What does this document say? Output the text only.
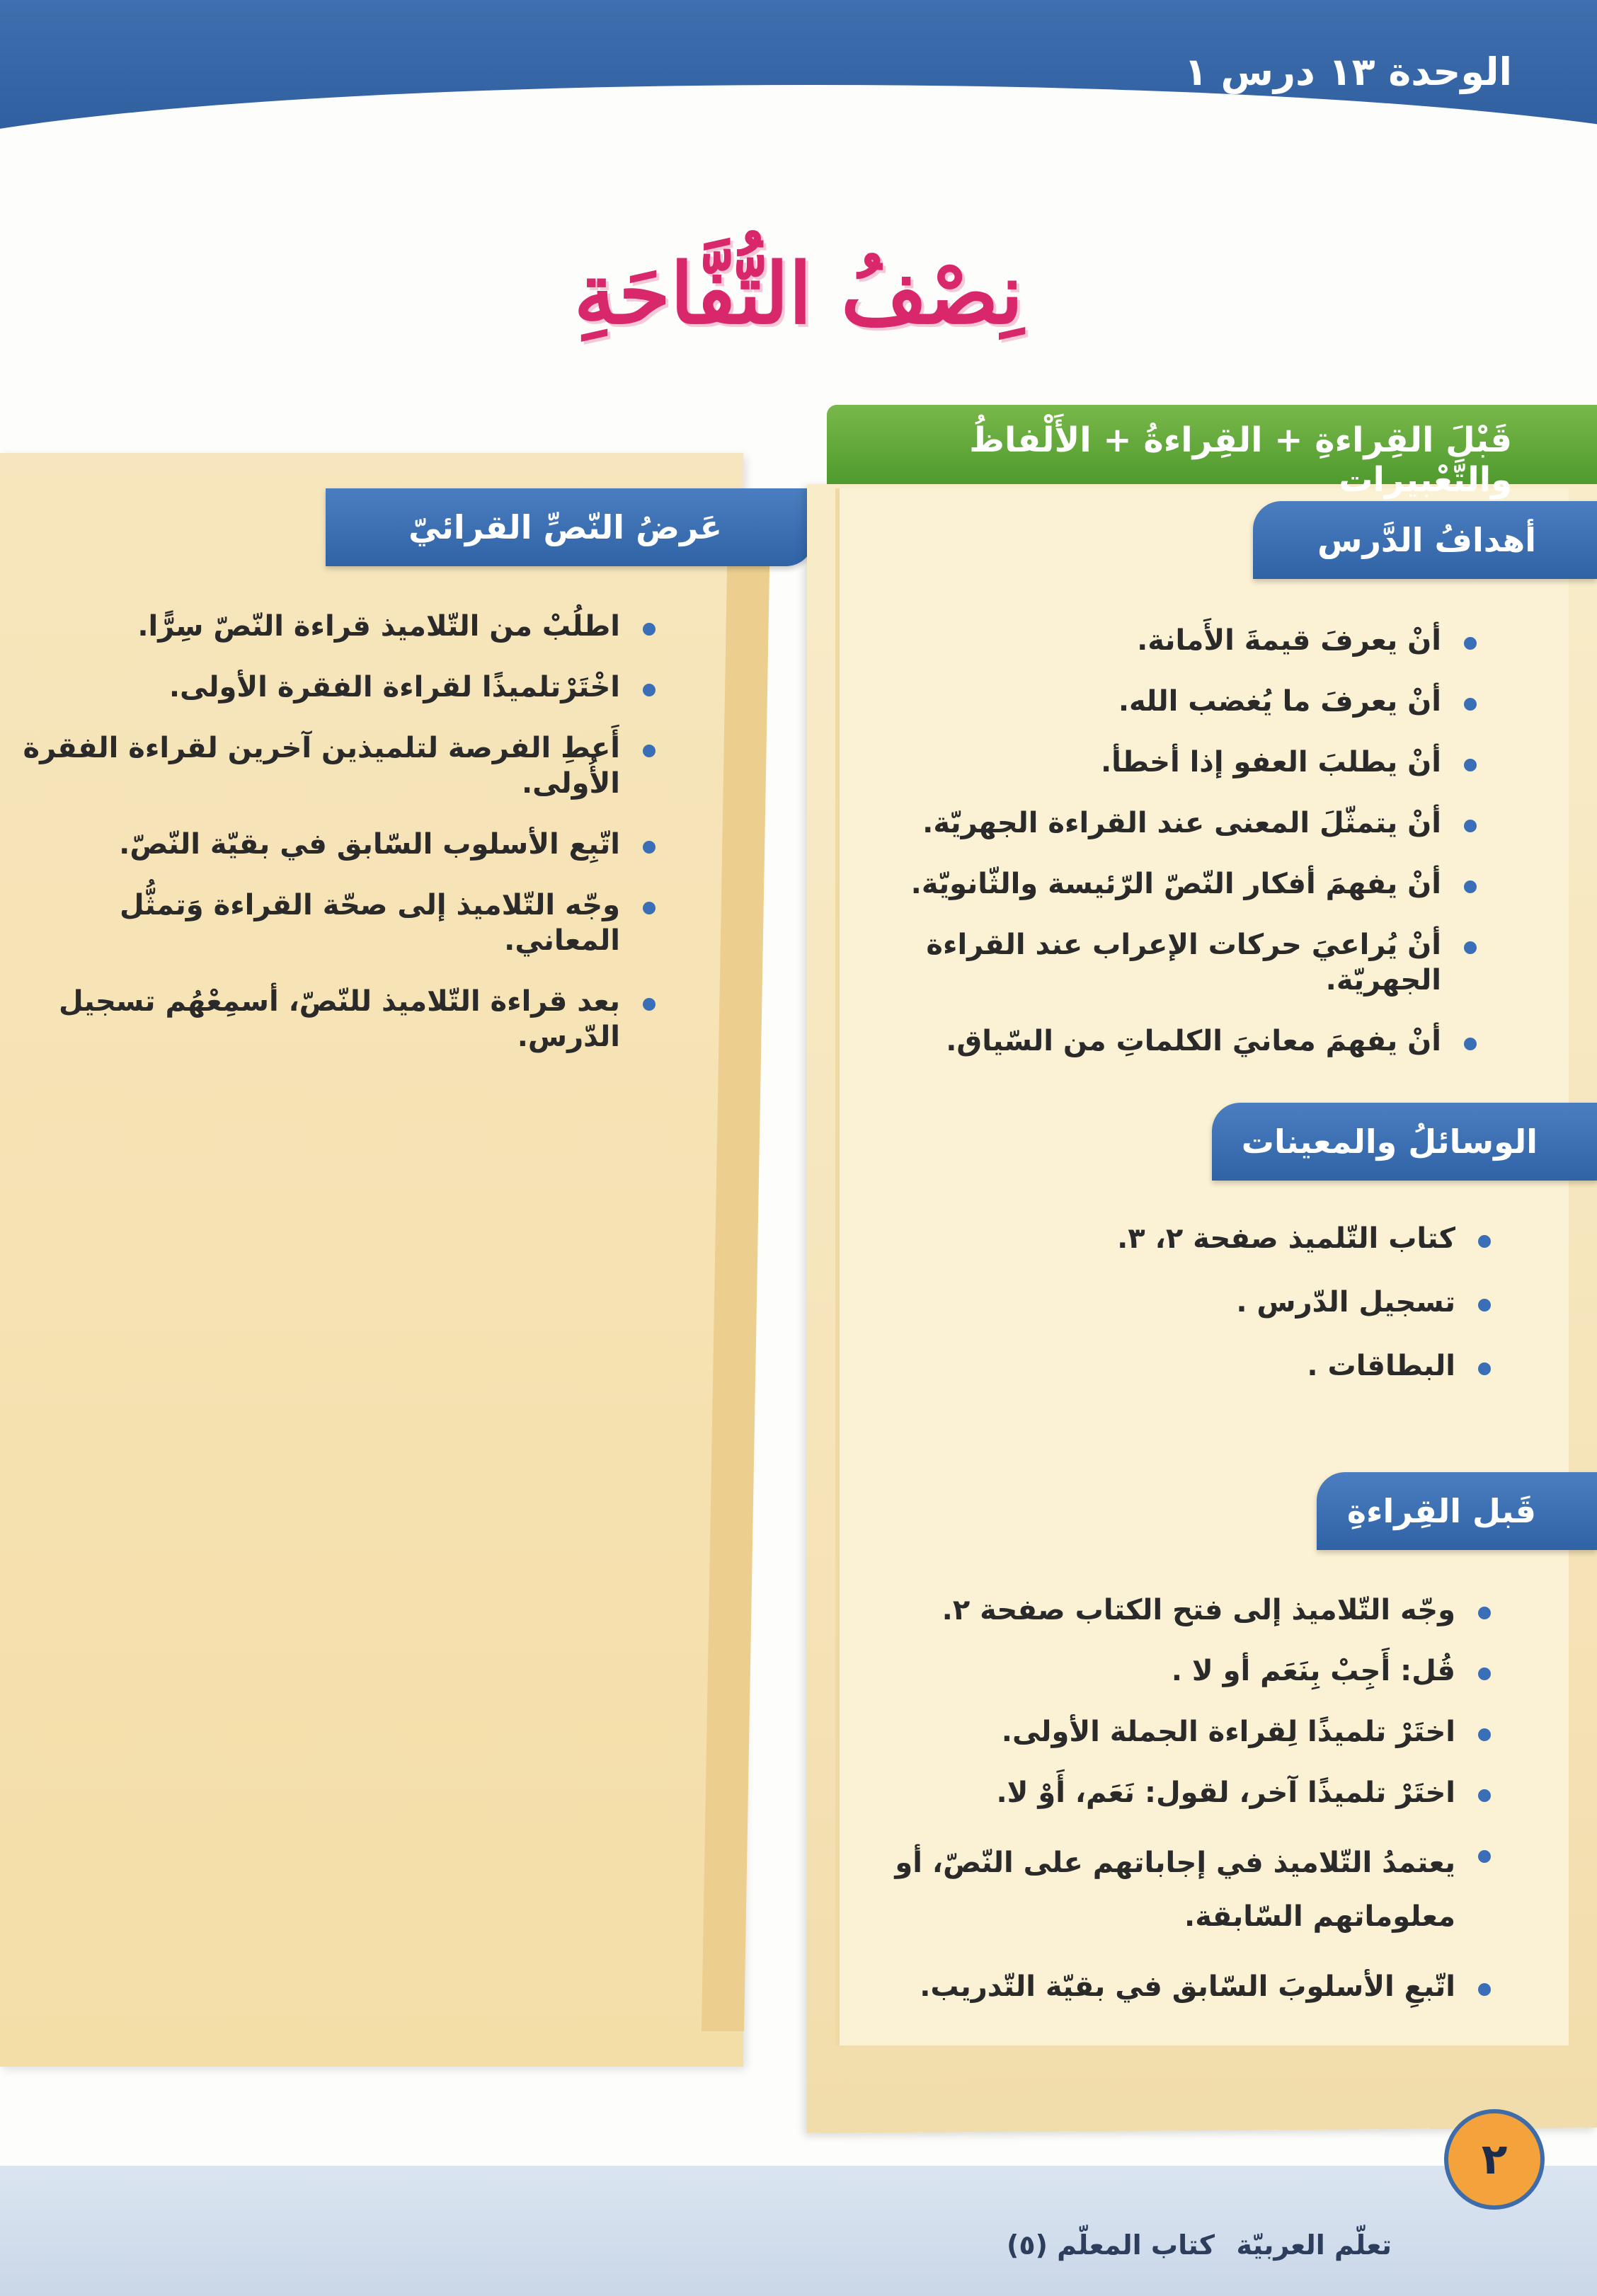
الوحدة ١٣ درس ١
نِصْفُ التُّفَّاحَةِ
عَرضُ النّصِّ القرائيّ
اطلُبْ من التّلاميذ قراءة النّصّ سِرًّا.
اخْتَرْتلميذًا لقراءة الفقرة الأولى.
أَعطِ الفرصة لتلميذين آخرين لقراءة الفقرة الأُولى.
اتّبِع الأسلوب السّابق في بقيّة النّصّ.
وجّه التّلاميذ إلى صحّة القراءة وَتمثُّل المعاني.
بعد قراءة التّلاميذ للنّصّ، أسمِعْهُم تسجيل الدّرس.
قَبْلَ القِراءةِ + القِراءةُ + الأَلْفاظُ والتَّعْبيرات
أهدافُ الدَّرس
أنْ يعرفَ قيمةَ الأَمانة.
أنْ يعرفَ ما يُغضب الله.
أنْ يطلبَ العفو إذا أخطأ.
أنْ يتمثّلَ المعنى عند القراءة الجهريّة.
أنْ يفهمَ أفكار النّصّ الرّئيسة والثّانويّة.
أنْ يُراعيَ حركات الإعراب عند القراءة الجهريّة.
أنْ يفهمَ معانيَ الكلماتِ من السّياق.
الوسائلُ والمعينات
كتاب التّلميذ صفحة ٢، ٣.
تسجيل الدّرس .
البطاقات .
قَبل القِراءةِ
وجّه التّلاميذ إلى فتح الكتاب صفحة ٢.
قُل: أَجِبْ بِنَعَم أو لا .
اختَرْ تلميذًا لِقراءة الجملة الأولى.
اختَرْ تلميذًا آخر، لقول: نَعَم، أَوْ لا.
يعتمدُ التّلاميذ في إجاباتهم على النّصّ، أو معلوماتهم السّابقة.
اتّبعِ الأسلوبَ السّابق في بقيّة التّدريب.
٢
تعلّم العربيّة
كتاب المعلّم (٥)
